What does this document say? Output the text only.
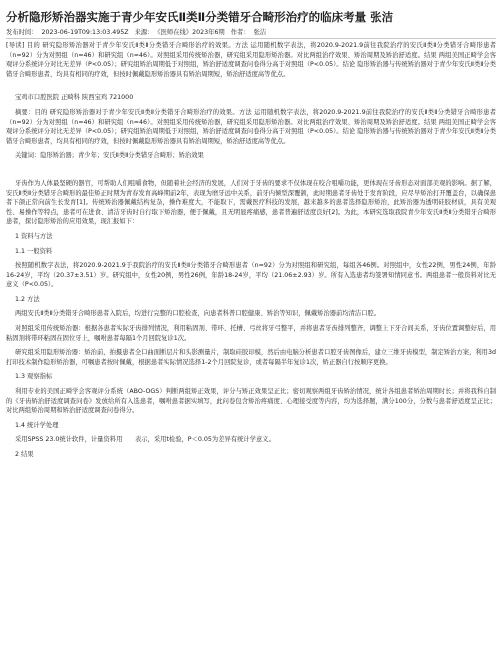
分析隐形矫治器实施于青少年安氏Ⅱ类Ⅱ分类错牙合畸形治疗的临床考量 张洁
发布时间： 2023-06-19T09:13:03.495Z 来源： 《医师在线》2023年6期 作者： 张洁

[导读] 目的 研究隐形矫治器对于青少年安氏Ⅱ类Ⅱ分类错牙合畸形治疗的效果。方法 运用随机数字表法，将2020.9-2021.9前往我院治疗的安氏Ⅱ类Ⅱ分类错牙合畸形患者（n=92）分为对照组（n=46）和研究组（n=46）。对照组采用传统矫治器，研究组采用隐形矫治器。对比两组治疗效果、矫治周期及矫治舒适度。结果 两组美国正畸学会客观评分系统评分对比无差异（P<0.05）；研究组矫治周期低于对照组，矫治舒适度调查问卷得分高于对照组（P<0.05）。结论 隐形矫治器与传统矫治器对于青少年安氏Ⅱ类Ⅱ分类错牙合畸形患者，均具有相同的疗效，但按时佩戴隐形矫治器具有矫治周期短，矫治舒适度高等优点。

宝鸡市口腔医院 正畸科 陕西宝鸡 721000

摘要：目的 研究隐形矫治器对于青少年安氏Ⅱ类Ⅱ分类错牙合畸形治疗的效果。方法 运用随机数字表法，将2020.9-2021.9前往我院治疗的安氏Ⅱ类Ⅱ分类错牙合畸形患者（n=92）分为对照组（n=46）和研究组（n=46）。对照组采用传统矫治器，研究组采用隐形矫治器。对比两组治疗效果、矫治周期及矫治舒适度。结果 两组美国正畸学会客观评分系统评分对比无差异（P<0.05）；研究组矫治周期低于对照组，矫治舒适度调查问卷得分高于对照组（P<0.05）。结论 隐形矫治器与传统矫治器对于青少年安氏Ⅱ类Ⅱ分类错牙合畸形患者，均具有相同的疗效，但按时佩戴隐形矫治器具有矫治周期短，矫治舒适度高等优点。

关键词：隐形矫治器；青少年；安氏Ⅱ类Ⅱ分类错牙合畸形；矫治效果

牙齿作为人体最坚硬的器官，可帮助人们咀嚼食物，但随着社会经济的发展，人们对于牙齿的要求不仅体现在咬合咀嚼功能，更体现在牙齿形态对面部美观的影响。据了解，安氏Ⅱ类Ⅱ分类错牙合畸形的最佳矫正时期为青春发育高峰期前2年，表现为磨牙远中关系，前牙内倾型深覆颌，此时期患者牙齿处于发育阶段，应尽早矫治打开覆盖台，以确保患者下颌正常向前生长发育[1]。传统矫治器佩戴结构复杂，操作难度大，不能取下，需戴医疗科技的发展，越来越多的患者选择隐形矫治，此矫治器为透明硅胶材质，具有美观性、易操作等特点，患者可在进食、清洁牙齿时自行取下矫治器，便于佩戴，且无明显疼痛感，患者普遍舒适度良好[2]。为此，本研究选取我院青少年安氏Ⅱ类Ⅱ分类错牙合畸形患者，探讨隐形矫治的应用效果，现汇报如下：

1 资料与方法

1.1 一般资料

按照随机数字表法，将2020.9-2021.9于我院治疗的安氏Ⅱ类Ⅱ分类错牙合畸形患者（n=92）分为对照组和研究组，每组各46例。对照组中，女性22例，男性24例，年龄16-24岁，平均（20.37±3.51）岁。研究组中，女性20例，男性26例，年龄18-24岁，平均（21.06±2.93）岁。所有入选患者均签署知情同意书。两组患者一般资料对比无意义（P<0.05）。

1.2 方法

两组安氏Ⅱ类Ⅱ分类错牙合畸形患者入院后，均进行完整的口腔检查，向患者科普口腔健康、矫治等知识，佩戴矫治器前均清洁口腔。

对照组采用传统矫治器：根据各患者实际牙齿排列情况，利用粘固剂、带环、托槽、弓丝将牙弓整平，并将患者牙齿排列整齐，调整上下牙合间关系，牙齿位置调整好后，用粘固剂将带环粘固在固位牙上，嘱咐患者每隔1个月回院复诊1次。

研究组采用隐形矫治器：矫治前，拍摄患者全口曲面断层片和头影测量片，制取硅胶印模，然后由电脑分析患者口腔牙齿图像后，建立三维牙齿模型，制定矫治方案，利用3d打印技术制作隐形矫治器，可嘱患者按时佩戴，根据患者实际情况选择1-2个月回院复诊，或者每隔半年复诊1次，矫正器自行按顺序更换。

1.3 观察指标

利用专业的美国正畸学会客观评分系统（ABO-OGS）判断两组矫正效果，评分与矫正效果呈正比；密切观察两组牙齿矫治情况，统计各组患者矫治周期时长；并将我科自制的《牙齿矫治舒适度调查问卷》发放给所有入选患者，嘱咐患者据实填写，此问卷包含矫治疼痛度、心理接受度等内容，均为选择题，满分100分，分数与患者舒适度呈正比；对比两组矫治周期和矫治舒适度调查问卷得分。

1.4 统计学处理

采用SPSS 23.0统计软件，计量资料用　　表示，采用t检验，P＜0.05为差异有统计学意义。

2 结果
